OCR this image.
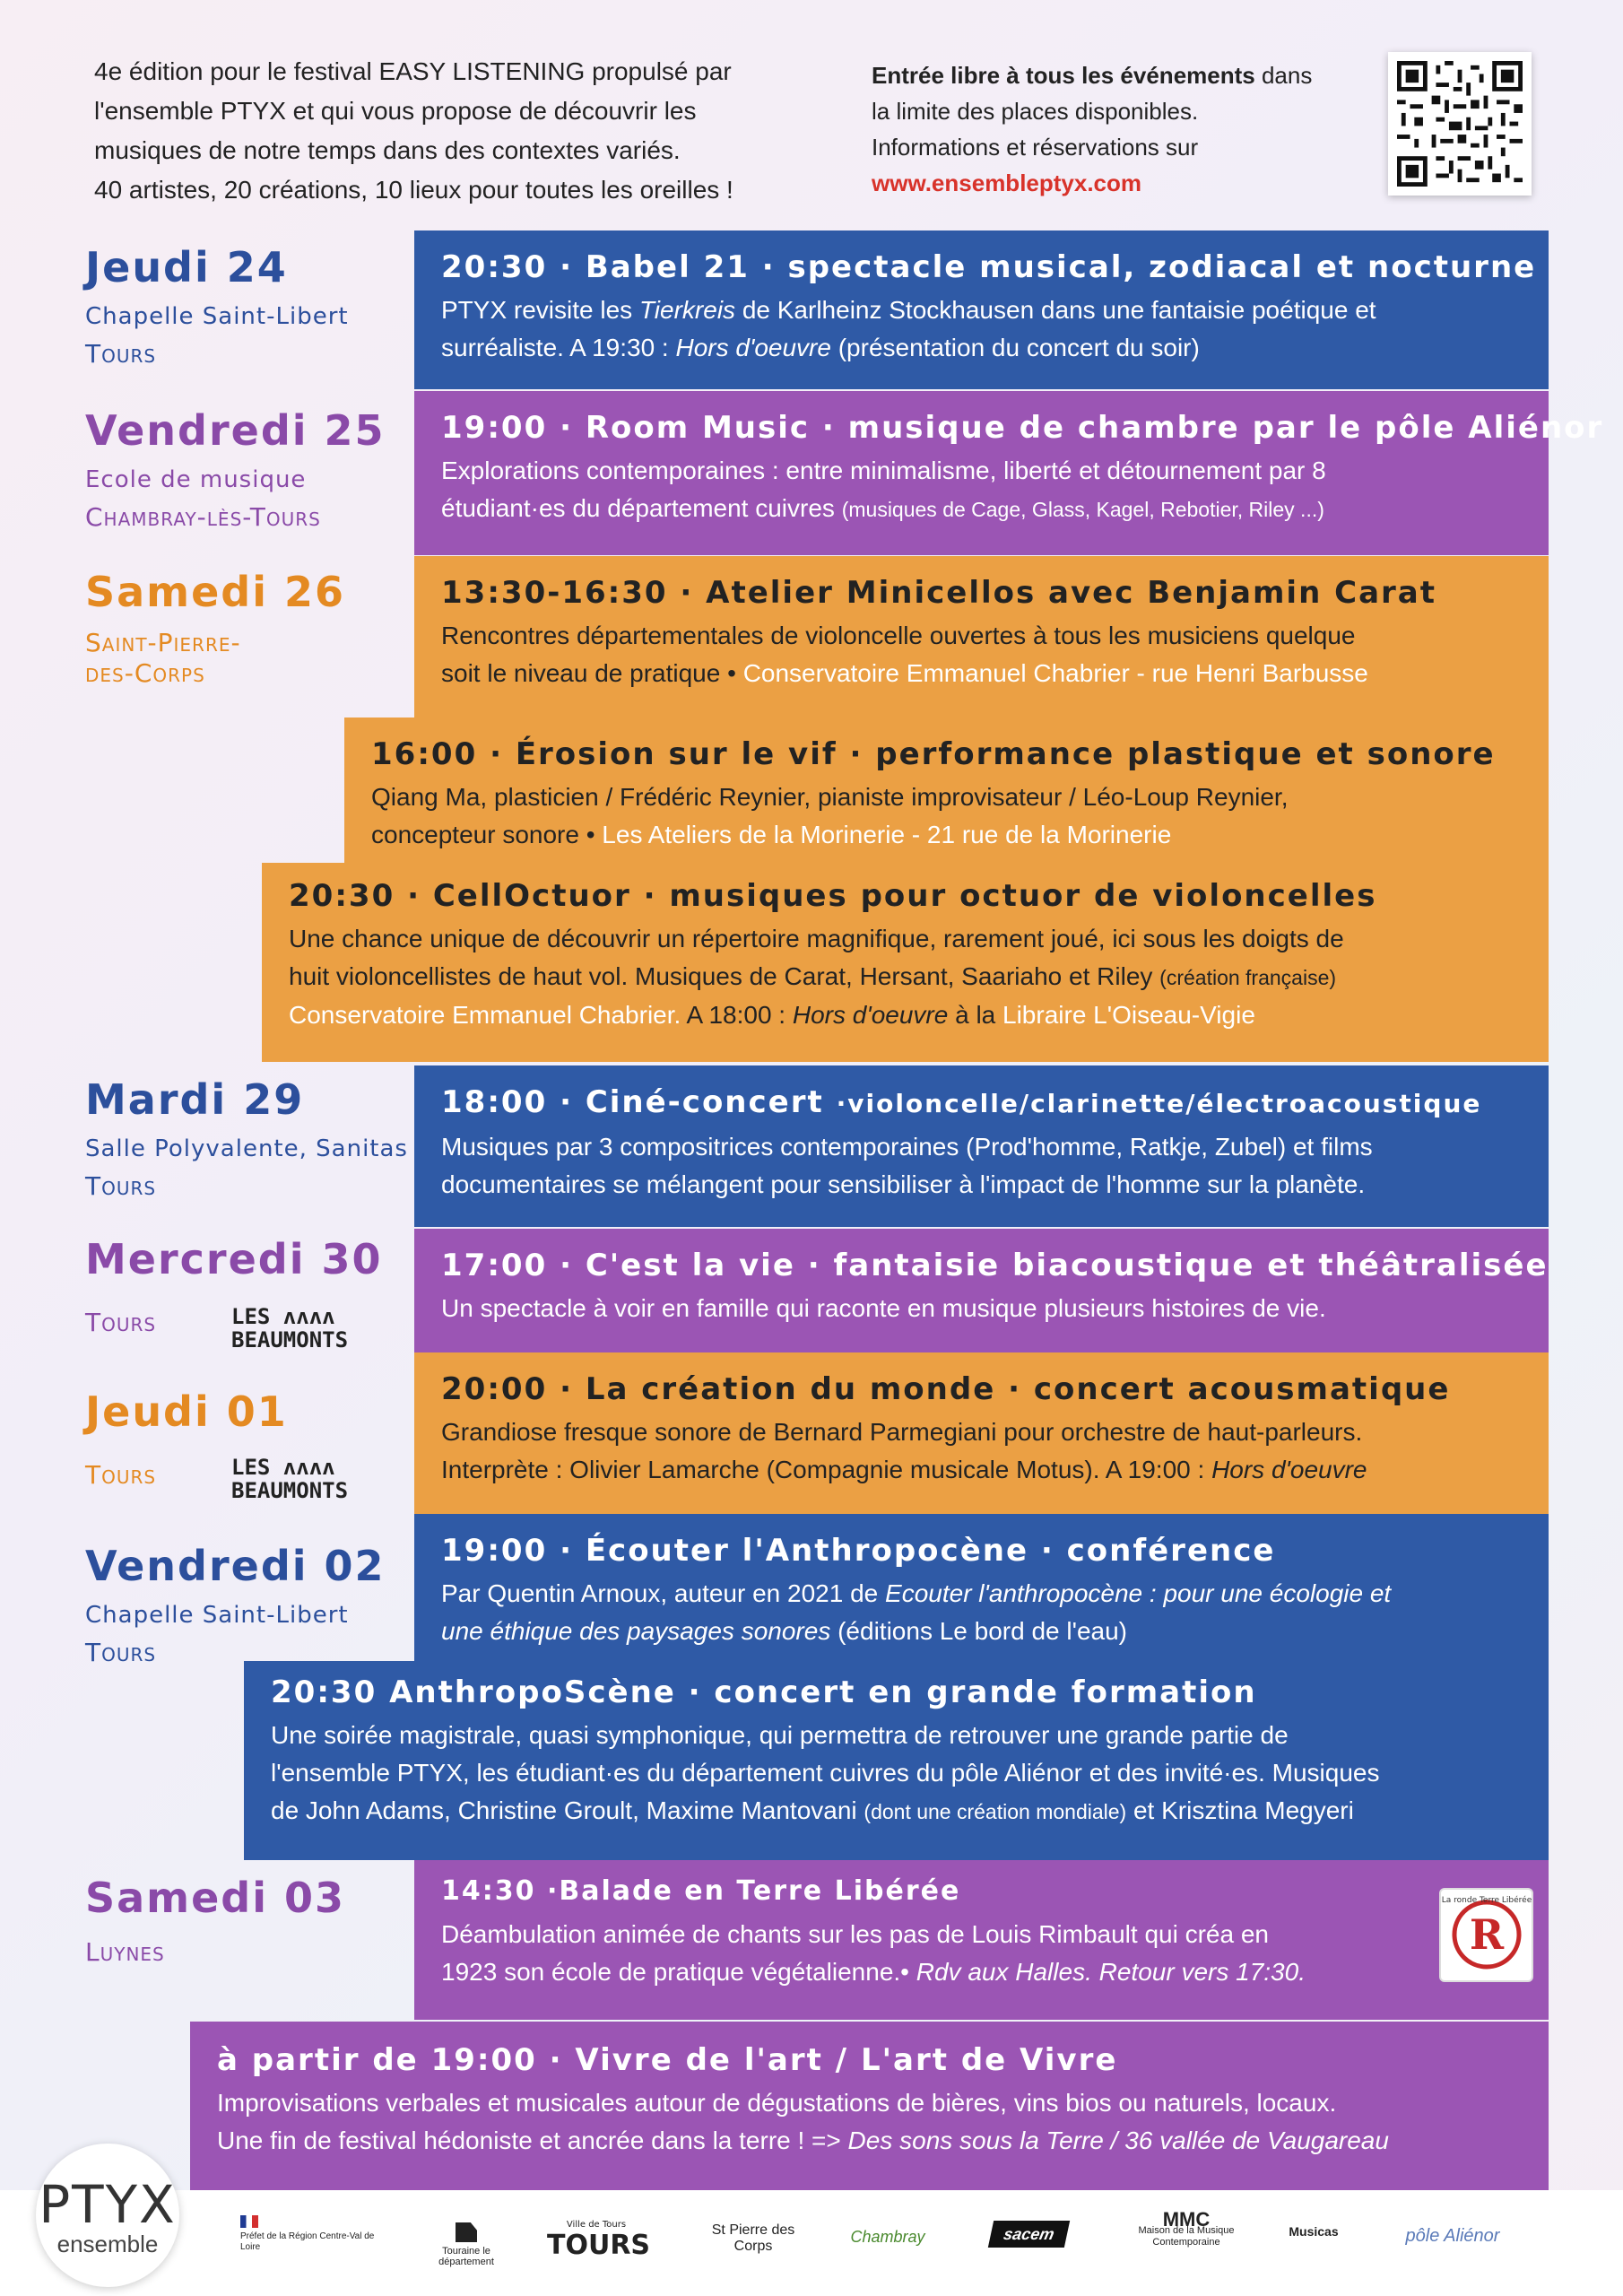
4e édition pour le festival EASY LISTENING propulsé par
l'ensemble PTYX et qui vous propose de découvrir les
musiques de notre temps dans des contextes variés.
40 artistes, 20 créations, 10 lieux pour toutes les oreilles !
Entrée libre à tous les événements dans
la limite des places disponibles.
Informations et réservations sur
www.ensembleptyx.com
Jeudi 24
Chapelle Saint-Libert
Tours
Vendredi 25
Ecole de musique
Chambray-lès-Tours
Samedi 26
Saint-Pierre-
des-Corps
Mardi 29
Salle Polyvalente, Sanitas
Tours
Mercredi 30
Tours	LES ʌʌʌʌ
BEAUMONTS
Jeudi 01
Tours	LES ʌʌʌʌ
BEAUMONTS
Vendredi 02
Chapelle Saint-Libert
Tours
Samedi 03
Luynes
20:30 · Babel 21 · spectacle musical, zodiacal et nocturne
PTYX revisite les Tierkreis de Karlheinz Stockhausen dans une fantaisie poétique et
surréaliste. A 19:30 : Hors d'oeuvre (présentation du concert du soir)
19:00 · Room Music · musique de chambre par le pôle Aliénor
Explorations contemporaines : entre minimalisme, liberté et détournement par 8
étudiant·es du département cuivres (musiques de Cage, Glass, Kagel, Rebotier, Riley ...)
13:30-16:30 · Atelier Minicellos avec Benjamin Carat
Rencontres départementales de violoncelle ouvertes à tous les musiciens quelque
soit le niveau de pratique • Conservatoire Emmanuel Chabrier - rue Henri Barbusse
16:00 · Érosion sur le vif · performance plastique et sonore
Qiang Ma, plasticien / Frédéric Reynier, pianiste improvisateur / Léo-Loup Reynier,
concepteur sonore • Les Ateliers de la Morinerie - 21 rue de la Morinerie
20:30 · CellOctuor · musiques pour octuor de violoncelles
Une chance unique de découvrir un répertoire magnifique, rarement joué, ici sous les doigts de
huit violoncellistes de haut vol. Musiques de Carat, Hersant, Saariaho et Riley (création française)
Conservatoire Emmanuel Chabrier. A 18:00 : Hors d'oeuvre à la Libraire L'Oiseau-Vigie
18:00 · Ciné-concert ·violoncelle/clarinette/électroacoustique
Musiques par 3 compositrices contemporaines (Prod'homme, Ratkje, Zubel) et films
documentaires se mélangent pour sensibiliser à l'impact de l'homme sur la planète.
17:00 · C'est la vie · fantaisie biacoustique et théâtralisée
Un spectacle à voir en famille qui raconte en musique plusieurs histoires de vie.
20:00 · La création du monde · concert acousmatique
Grandiose fresque sonore de Bernard Parmegiani pour orchestre de haut-parleurs.
Interprète : Olivier Lamarche (Compagnie musicale Motus). A 19:00 : Hors d'oeuvre
19:00 · Écouter l'Anthropocène · conférence
Par Quentin Arnoux, auteur en 2021 de Ecouter l'anthropocène : pour une écologie et
une éthique des paysages sonores (éditions Le bord de l'eau)
20:30 AnthropoScène · concert en grande formation
Une soirée magistrale, quasi symphonique, qui permettra de retrouver une grande partie de
l'ensemble PTYX, les étudiant·es du département cuivres du pôle Aliénor et des invité·es. Musiques
de John Adams, Christine Groult, Maxime Mantovani (dont une création mondiale) et Krisztina Megyeri
14:30 ·Balade en Terre Libérée
Déambulation animée de chants sur les pas de Louis Rimbault qui créa en
1923 son école de pratique végétalienne.• Rdv aux Halles. Retour vers 17:30.
R
La ronde Terre Libérée
à partir de 19:00 · Vivre de l'art / L'art de Vivre
Improvisations verbales et musicales autour de dégustations de bières, vins bios ou naturels, locaux.
Une fin de festival hédoniste et ancrée dans la terre ! => Des sons sous la Terre / 36 vallée de Vaugareau
PTYX
ensemble	Préfet de la Région Centre-Val de Loire	Touraine le département
Ville de Tours
TOURS	St Pierre des Corps
Chambray	sacem
MMC
Maison de la Musique Contemporaine
Musicas	pôle Aliénor
